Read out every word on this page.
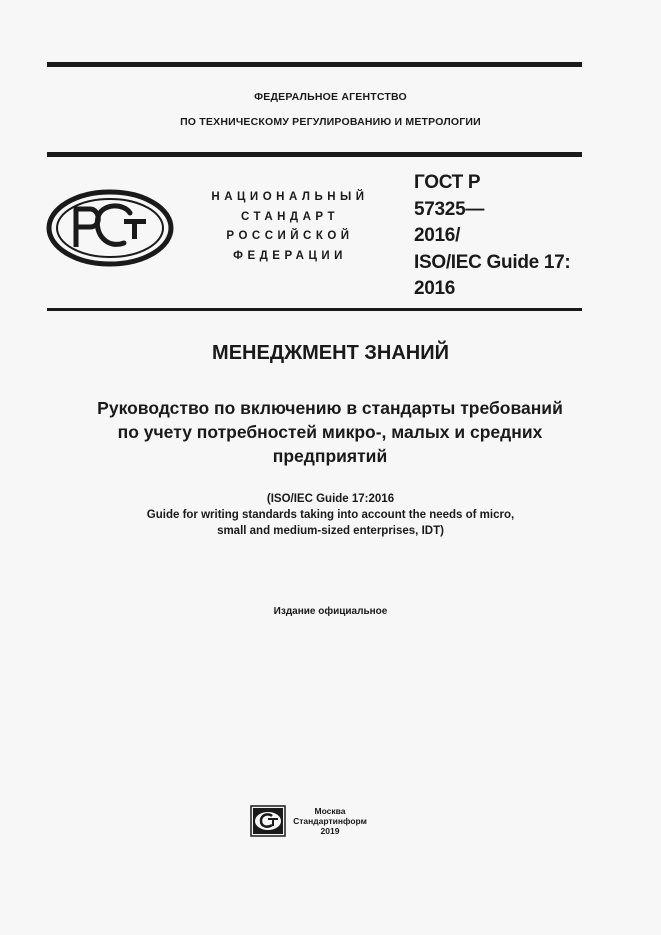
ФЕДЕРАЛЬНОЕ АГЕНТСТВО
ПО ТЕХНИЧЕСКОМУ РЕГУЛИРОВАНИЮ И МЕТРОЛОГИИ
НАЦИОНАЛЬНЫЙ
СТАНДАРТ
РОССИЙСКОЙ
ФЕДЕРАЦИИ
ГОСТ Р
57325—
2016/
ISO/IEC Guide 17:
2016
МЕНЕДЖМЕНТ ЗНАНИЙ
Руководство по включению в стандарты требований
по учету потребностей микро-, малых и средних
предприятий
(ISO/IEC Guide 17:2016
Guide for writing standards taking into account the needs of micro,
small and medium-sized enterprises, IDT)
Издание официальное
Москва
Стандартинформ
2019
